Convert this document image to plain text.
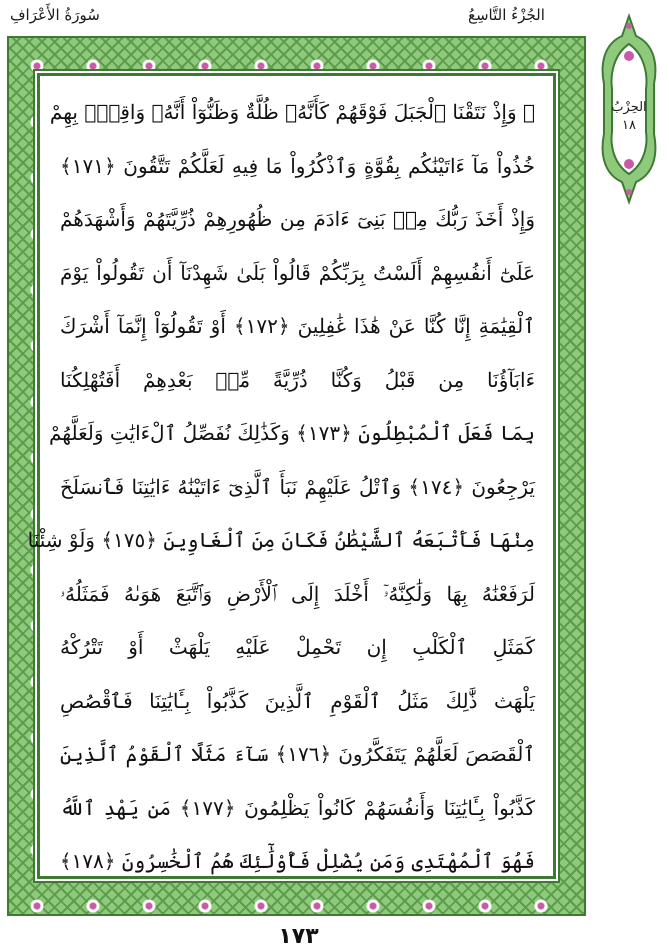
الجُزْءُ التَّاسِعُ
سُورَةُ الأَعْرَافِ
الحِزْبُ
١٨
۞ وَإِذْ نَتَقْنَا ٱلْجَبَلَ فَوْقَهُمْ كَأَنَّهُۥ ظُلَّةٌ وَظَنُّوٓاْ أَنَّهُۥ وَاقِعٌۢ بِهِمْ
خُذُواْ مَآ ءَاتَيْنَٰكُم بِقُوَّةٍ وَٱذْكُرُواْ مَا فِيهِ لَعَلَّكُمْ تَتَّقُونَ ﴿١٧١﴾
وَإِذْ أَخَذَ رَبُّكَ مِنۢ بَنِىٓ ءَادَمَ مِن ظُهُورِهِمْ ذُرِّيَّتَهُمْ وَأَشْهَدَهُمْ
عَلَىٰٓ أَنفُسِهِمْ أَلَسْتُ بِرَبِّكُمْ قَالُواْ بَلَىٰ شَهِدْنَآ أَن تَقُولُواْ يَوْمَ
ٱلْقِيَٰمَةِ إِنَّا كُنَّا عَنْ هَٰذَا غَٰفِلِينَ ﴿١٧٢﴾ أَوْ تَقُولُوٓاْ إِنَّمَآ أَشْرَكَ
ءَابَآؤُنَا مِن قَبْلُ وَكُنَّا ذُرِّيَّةً مِّنۢ بَعْدِهِمْ أَفَتُهْلِكُنَا
بِمَا فَعَلَ ٱلْمُبْطِلُونَ ﴿١٧٣﴾ وَكَذَٰلِكَ نُفَصِّلُ ٱلْءَايَٰتِ وَلَعَلَّهُمْ
يَرْجِعُونَ ﴿١٧٤﴾ وَٱتْلُ عَلَيْهِمْ نَبَأَ ٱلَّذِىٓ ءَاتَيْنَٰهُ ءَايَٰتِنَا فَٱنسَلَخَ
مِنْهَا فَأَتْبَعَهُ ٱلشَّيْطَٰنُ فَكَانَ مِنَ ٱلْغَاوِينَ ﴿١٧٥﴾ وَلَوْ شِئْنَا
لَرَفَعْنَٰهُ بِهَا وَلَٰكِنَّهُۥٓ أَخْلَدَ إِلَى ٱلْأَرْضِ وَٱتَّبَعَ هَوَىٰهُ فَمَثَلُهُۥ
كَمَثَلِ ٱلْكَلْبِ إِن تَحْمِلْ عَلَيْهِ يَلْهَثْ أَوْ تَتْرُكْهُ
يَلْهَث ذَّٰلِكَ مَثَلُ ٱلْقَوْمِ ٱلَّذِينَ كَذَّبُواْ بِـَٔايَٰتِنَا فَٱقْصُصِ
ٱلْقَصَصَ لَعَلَّهُمْ يَتَفَكَّرُونَ ﴿١٧٦﴾ سَآءَ مَثَلًا ٱلْقَوْمُ ٱلَّذِينَ
كَذَّبُواْ بِـَٔايَٰتِنَا وَأَنفُسَهُمْ كَانُواْ يَظْلِمُونَ ﴿١٧٧﴾ مَن يَهْدِ ٱللَّهُ
فَهُوَ ٱلْمُهْتَدِى وَمَن يُضْلِلْ فَأُوْلَٰٓئِكَ هُمُ ٱلْخَٰسِرُونَ ﴿١٧٨﴾
١٧٣
